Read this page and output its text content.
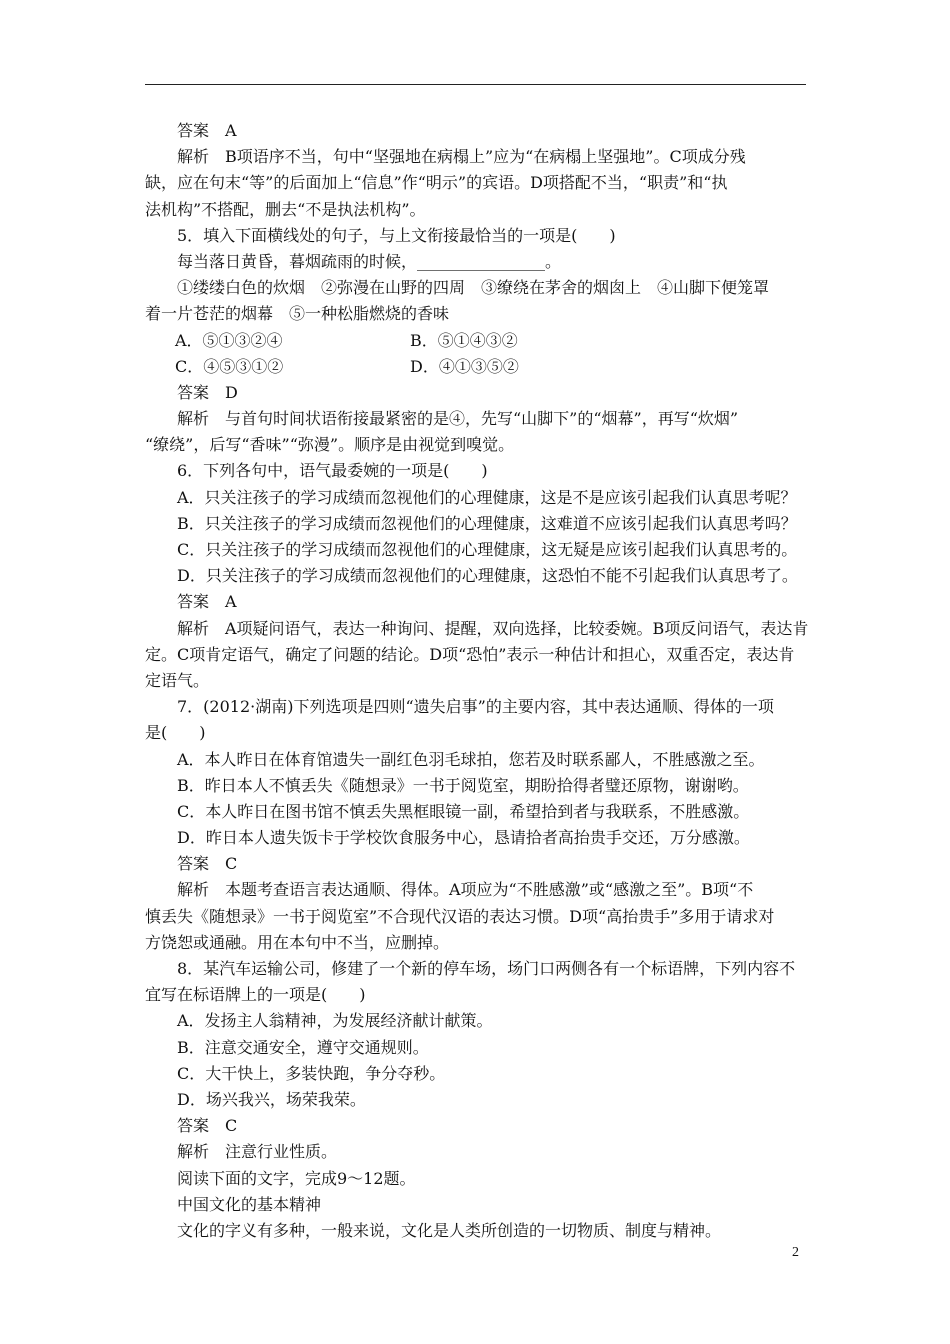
　　答案　A
　　解析　B项语序不当，句中“坚强地在病榻上”应为“在病榻上坚强地”。C项成分残
缺，应在句末“等”的后面加上“信息”作“明示”的宾语。D项搭配不当，“职责”和“执
法机构”不搭配，删去“不是执法机构”。
　　5．填入下面横线处的句子，与上文衔接最恰当的一项是(　　)
　　每当落日黄昏，暮烟疏雨的时候，________________。
　　①缕缕白色的炊烟　②弥漫在山野的四周　③缭绕在茅舍的烟囱上　④山脚下便笼罩
着一片苍茫的烟幕　⑤一种松脂燃烧的香味
A．⑤①③②④	B．⑤①④③②
C．④⑤③①②	D．④①③⑤②
　　答案　D
　　解析　与首句时间状语衔接最紧密的是④，先写“山脚下”的“烟幕”，再写“炊烟”
“缭绕”，后写“香味”“弥漫”。顺序是由视觉到嗅觉。
　　6．下列各句中，语气最委婉的一项是(　　)
　　A．只关注孩子的学习成绩而忽视他们的心理健康，这是不是应该引起我们认真思考呢？
　　B．只关注孩子的学习成绩而忽视他们的心理健康，这难道不应该引起我们认真思考吗？
　　C．只关注孩子的学习成绩而忽视他们的心理健康，这无疑是应该引起我们认真思考的。
　　D．只关注孩子的学习成绩而忽视他们的心理健康，这恐怕不能不引起我们认真思考了。
　　答案　A
　　解析　A项疑问语气，表达一种询问、提醒，双向选择，比较委婉。B项反问语气，表达肯
定。C项肯定语气，确定了问题的结论。D项“恐怕”表示一种估计和担心，双重否定，表达肯
定语气。
　　7．(2012·湖南)下列选项是四则“遗失启事”的主要内容，其中表达通顺、得体的一项
是(　　)
　　A．本人昨日在体育馆遗失一副红色羽毛球拍，您若及时联系鄙人，不胜感激之至。
　　B．昨日本人不慎丢失《随想录》一书于阅览室，期盼拾得者璧还原物，谢谢哟。
　　C．本人昨日在图书馆不慎丢失黑框眼镜一副，希望拾到者与我联系，不胜感激。
　　D．昨日本人遗失饭卡于学校饮食服务中心，恳请拾者高抬贵手交还，万分感激。
　　答案　C
　　解析　本题考查语言表达通顺、得体。A项应为“不胜感激”或“感激之至”。B项“不
慎丢失《随想录》一书于阅览室”不合现代汉语的表达习惯。D项“高抬贵手”多用于请求对
方饶恕或通融。用在本句中不当，应删掉。
　　8．某汽车运输公司，修建了一个新的停车场，场门口两侧各有一个标语牌，下列内容不
宜写在标语牌上的一项是(　　)
　　A．发扬主人翁精神，为发展经济献计献策。
　　B．注意交通安全，遵守交通规则。
　　C．大干快上，多装快跑，争分夺秒。
　　D．场兴我兴，场荣我荣。
　　答案　C
　　解析　注意行业性质。
　　阅读下面的文字，完成9～12题。
　　中国文化的基本精神
　　文化的字义有多种，一般来说，文化是人类所创造的一切物质、制度与精神。
2
